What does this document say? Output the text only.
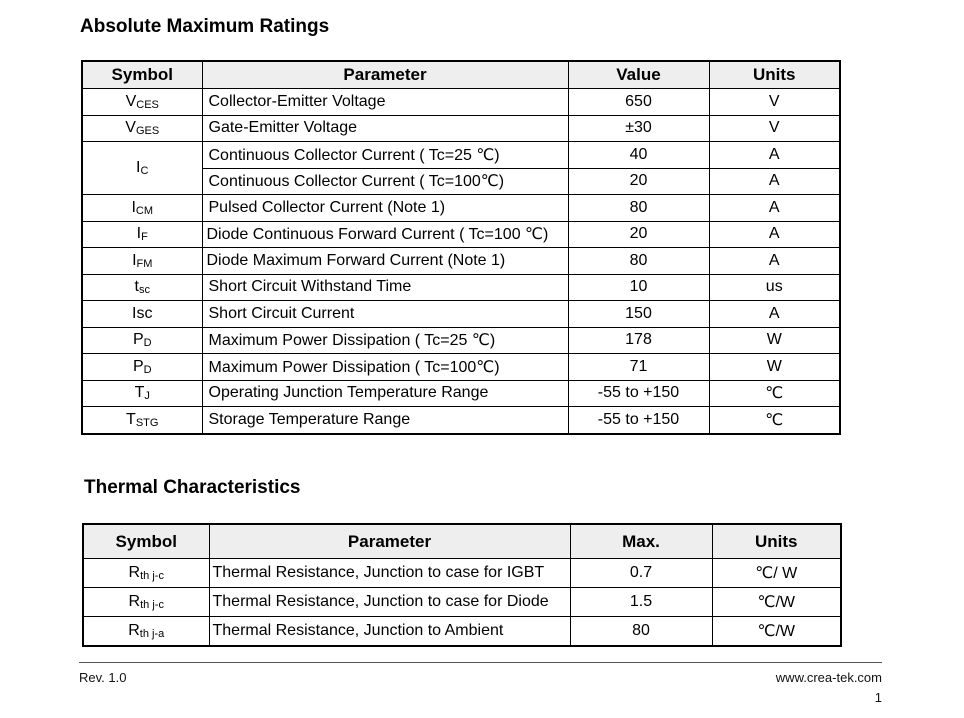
Absolute Maximum Ratings
Symbol	Parameter	Value	Units
$V_{CES}$	Collector-Emitter Voltage	650	V
$V_{GES}$	Gate-Emitter Voltage	±30	V
$I_C$	Continuous Collector Current ( Tc=25 ℃)	40	A
	Continuous Collector Current ( Tc=100℃)	20	A
$I_{CM}$	Pulsed Collector Current (Note 1)	80	A
$I_F$	Diode Continuous Forward Current ( Tc=100 ℃)	20	A
$I_{FM}$	Diode Maximum Forward Current (Note 1)	80	A
$t_{sc}$	Short Circuit Withstand Time	10	us
Isc	Short Circuit Current	150	A
$P_D$	Maximum Power Dissipation ( Tc=25 ℃)	178	W
$P_D$	Maximum Power Dissipation ( Tc=100℃)	71	W
$T_J$	Operating Junction Temperature Range	-55 to +150	℃
$T_{STG}$	Storage Temperature Range	-55 to +150	℃
Thermal Characteristics
Symbol	Parameter	Max.	Units
$R_{th j-c}$	Thermal Resistance, Junction to case for IGBT	0.7	℃/ W
$R_{th j-c}$	Thermal Resistance, Junction to case for Diode	1.5	℃/W
$R_{th j-a}$	Thermal Resistance, Junction to Ambient	80	℃/W
Rev. 1.0	www.crea-tek.com
1
